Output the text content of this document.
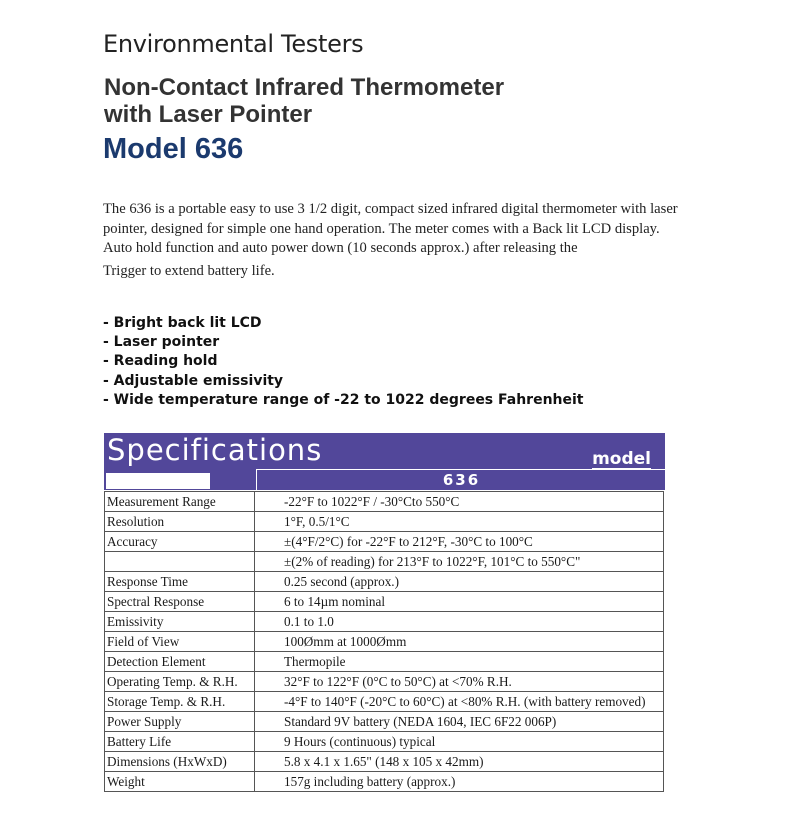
Environmental Testers
Non-Contact Infrared Thermometer
with Laser Pointer
Model 636
The 636 is a portable easy to use 3 1/2 digit, compact sized infrared digital thermometer with laser pointer, designed for simple one hand operation. The meter comes with a Back lit LCD display. Auto hold function and auto power down (10 seconds approx.) after releasing the
Trigger to extend battery life.
- Bright back lit LCD
- Laser pointer
- Reading hold
- Adjustable emissivity
- Wide temperature range of -22 to 1022 degrees Fahrenheit
Specifications	model
636
Measurement Range	-22°F to 1022°F / -30°Cto 550°C
Resolution	1°F, 0.5/1°C
Accuracy	±(4°F/2°C) for -22°F to 212°F, -30°C to 100°C
	±(2% of reading) for 213°F to 1022°F, 101°C to 550°C"
Response Time	0.25 second (approx.)
Spectral Response	6 to 14µm nominal
Emissivity	0.1 to 1.0
Field of View	100Ømm at 1000Ømm
Detection Element	Thermopile
Operating Temp. & R.H.	32°F to 122°F (0°C to 50°C) at <70% R.H.
Storage Temp. & R.H.	-4°F to 140°F (-20°C to 60°C) at <80% R.H. (with battery removed)
Power Supply	Standard 9V battery (NEDA 1604, IEC 6F22 006P)
Battery Life	9 Hours (continuous) typical
Dimensions (HxWxD)	5.8 x 4.1 x 1.65" (148 x 105 x 42mm)
Weight	157g including battery (approx.)
